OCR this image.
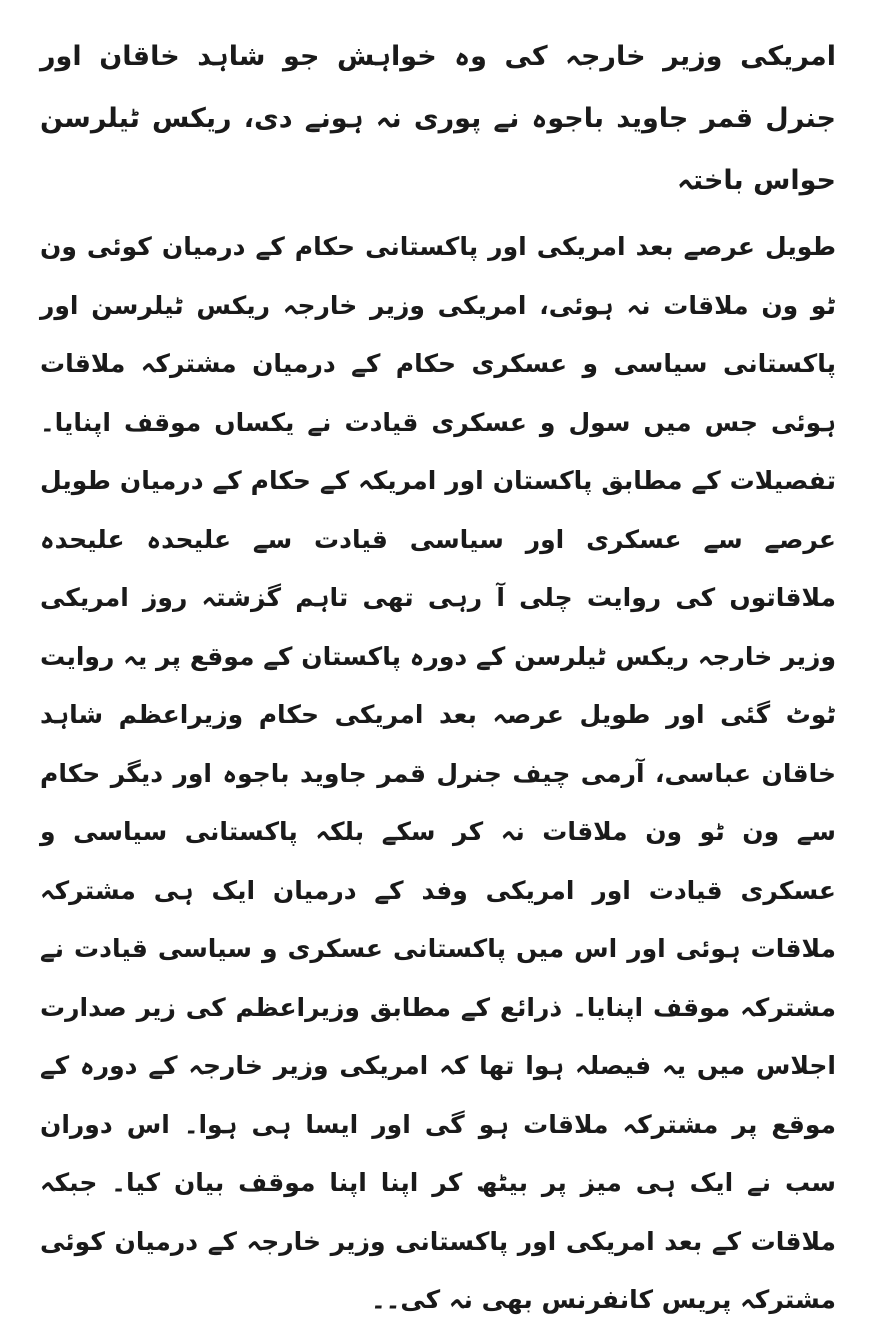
امریکی وزیر خارجہ کی وہ خواہش جو شاہد خاقان اور جنرل قمر جاوید باجوہ نے پوری نہ ہونے دی، ریکس ٹیلرسن حواس باختہ

طویل عرصے بعد امریکی اور پاکستانی حکام کے درمیان کوئی ون ٹو ون ملاقات نہ ہوئی، امریکی وزیر خارجہ ریکس ٹیلرسن اور پاکستانی سیاسی و عسکری حکام کے درمیان مشترکہ ملاقات ہوئی جس میں سول و عسکری قیادت نے یکساں موقف اپنایا۔ تفصیلات کے مطابق پاکستان اور امریکہ کے حکام کے درمیان طویل عرصے سے عسکری اور سیاسی قیادت سے علیحدہ علیحدہ ملاقاتوں کی روایت چلی آ رہی تھی تاہم گزشتہ روز امریکی وزیر خارجہ ریکس ٹیلرسن کے دورہ پاکستان کے موقع پر یہ روایت ٹوٹ گئی اور طویل عرصہ بعد امریکی حکام وزیراعظم شاہد خاقان عباسی، آرمی چیف جنرل قمر جاوید باجوہ اور دیگر حکام سے ون ٹو ون ملاقات نہ کر سکے بلکہ پاکستانی سیاسی و عسکری قیادت اور امریکی وفد کے درمیان ایک ہی مشترکہ ملاقات ہوئی اور اس میں پاکستانی عسکری و سیاسی قیادت نے مشترکہ موقف اپنایا۔ ذرائع کے مطابق وزیراعظم کی زیر صدارت اجلاس میں یہ فیصلہ ہوا تھا کہ امریکی وزیر خارجہ کے دورہ کے موقع پر مشترکہ ملاقات ہو گی اور ایسا ہی ہوا۔ اس دوران سب نے ایک ہی میز پر بیٹھ کر اپنا اپنا موقف بیان کیا۔ جبکہ ملاقات کے بعد امریکی اور پاکستانی وزیر خارجہ کے درمیان کوئی مشترکہ پریس کانفرنس بھی نہ کی۔۔
